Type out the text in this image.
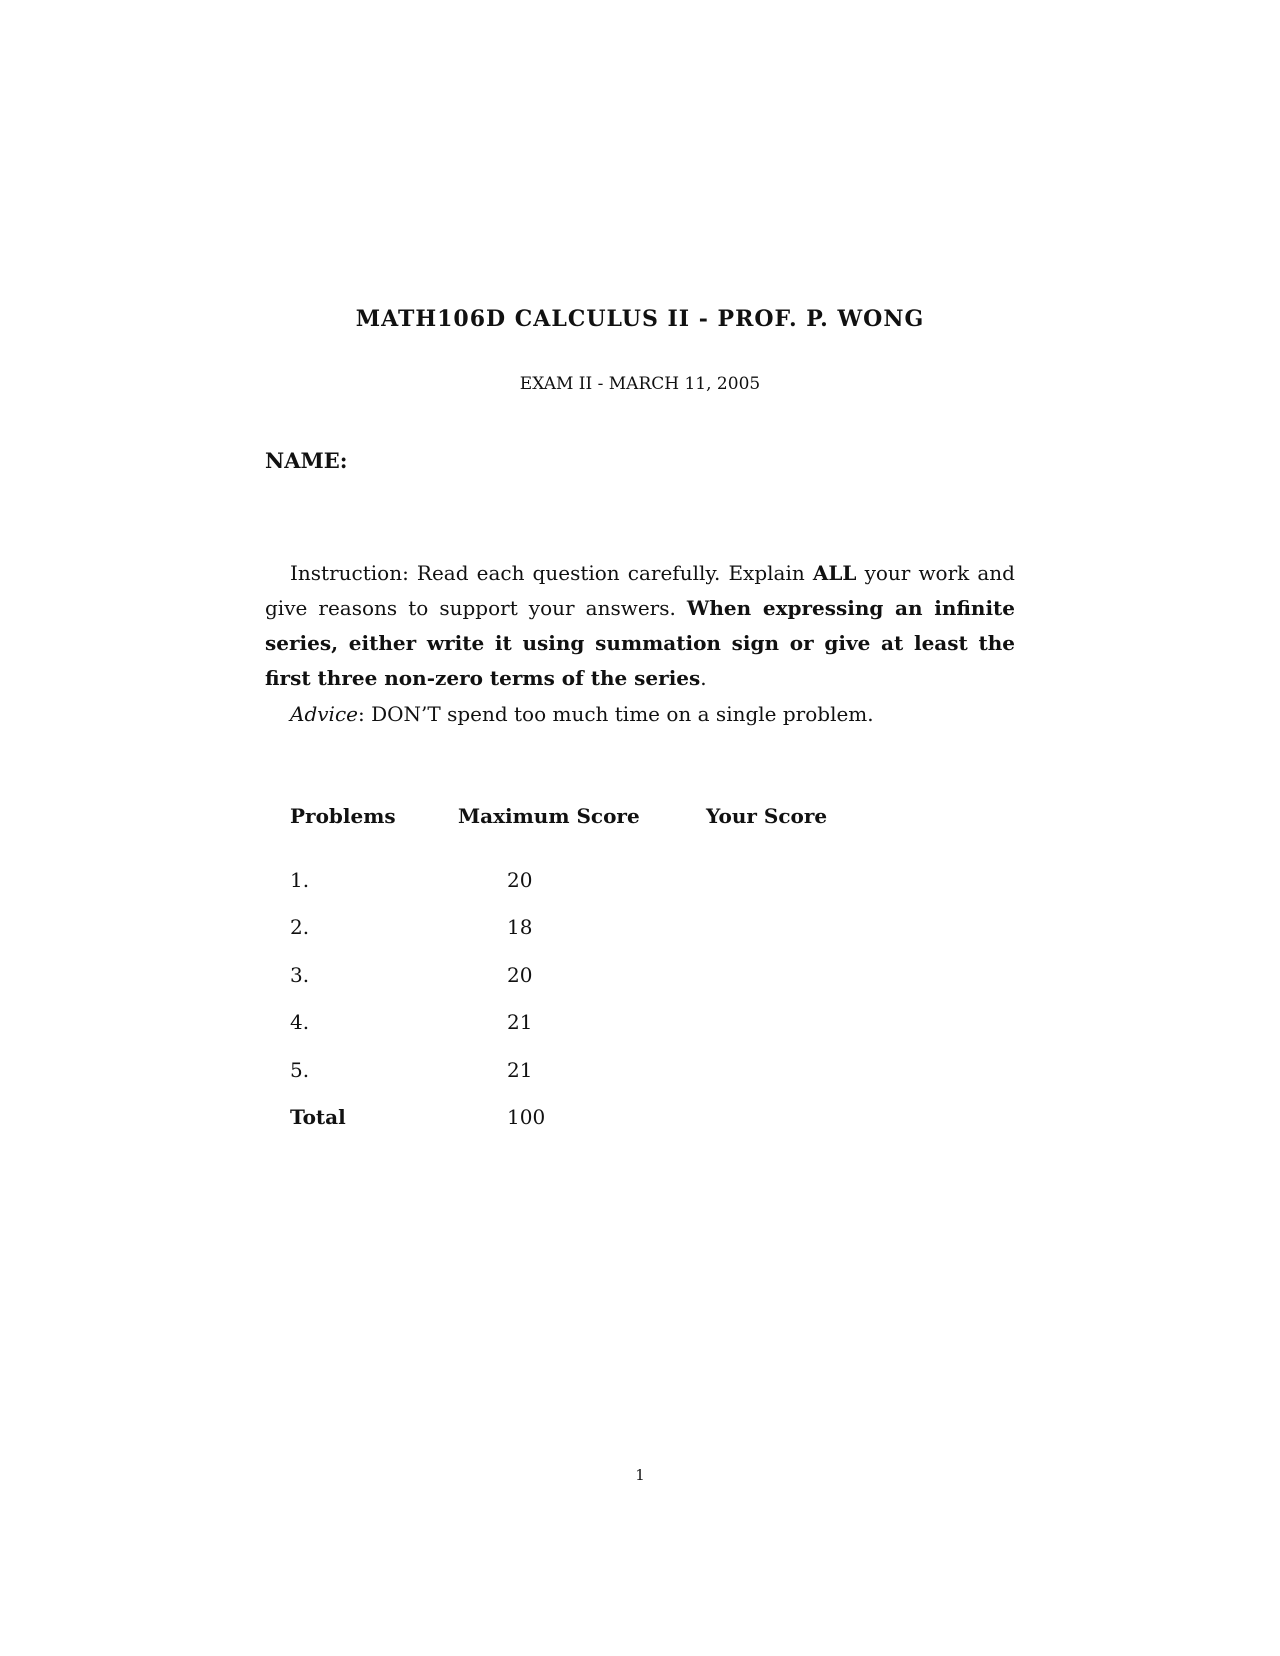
MATH106D CALCULUS II - PROF. P. WONG

EXAM II - MARCH 11, 2005

NAME:

Instruction: Read each question carefully. Explain ALL your work and give reasons to support your answers. When expressing an infinite series, either write it using summation sign or give at least the first three non-zero terms of the series.

Advice: DON’T spend too much time on a single problem.

Problems	Maximum Score	Your Score
1.	20	
2.	18	
3.	20	
4.	21	
5.	21	
Total	100	

1
